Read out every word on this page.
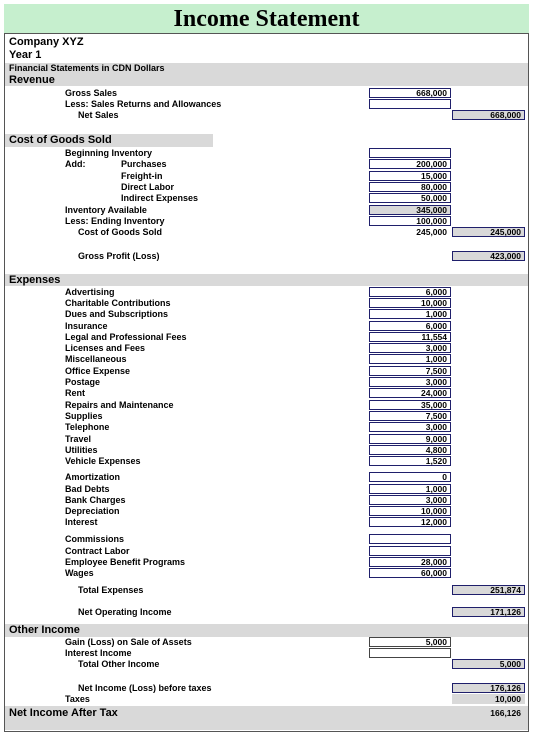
Income Statement
Company XYZ
Year 1
Financial Statements in CDN Dollars
Revenue
Gross Sales	668,000
Less: Sales Returns and Allowances
Net Sales	668,000
Cost of Goods Sold
Beginning Inventory
Add:	Purchases	200,000
Freight-in	15,000
Direct Labor	80,000
Indirect Expenses	50,000
Inventory Available	345,000
Less: Ending Inventory	100,000
Cost of Goods Sold	245,000	245,000
Gross Profit (Loss)	423,000
Expenses
Advertising	6,000
Charitable Contributions	10,000
Dues and Subscriptions	1,000
Insurance	6,000
Legal and Professional Fees	11,554
Licenses and Fees	3,000
Miscellaneous	1,000
Office Expense	7,500
Postage	3,000
Rent	24,000
Repairs and Maintenance	35,000
Supplies	7,500
Telephone	3,000
Travel	9,000
Utilities	4,800
Vehicle Expenses	1,520
Amortization	0
Bad Debts	1,000
Bank Charges	3,000
Depreciation	10,000
Interest	12,000
Commissions
Contract Labor
Employee Benefit Programs	28,000
Wages	60,000
Total Expenses	251,874
Net Operating Income	171,126
Other Income
Gain (Loss) on Sale of Assets	5,000
Interest Income
Total Other Income	5,000
Net Income (Loss) before taxes	176,126
Taxes	10,000
Net Income After Tax	166,126
